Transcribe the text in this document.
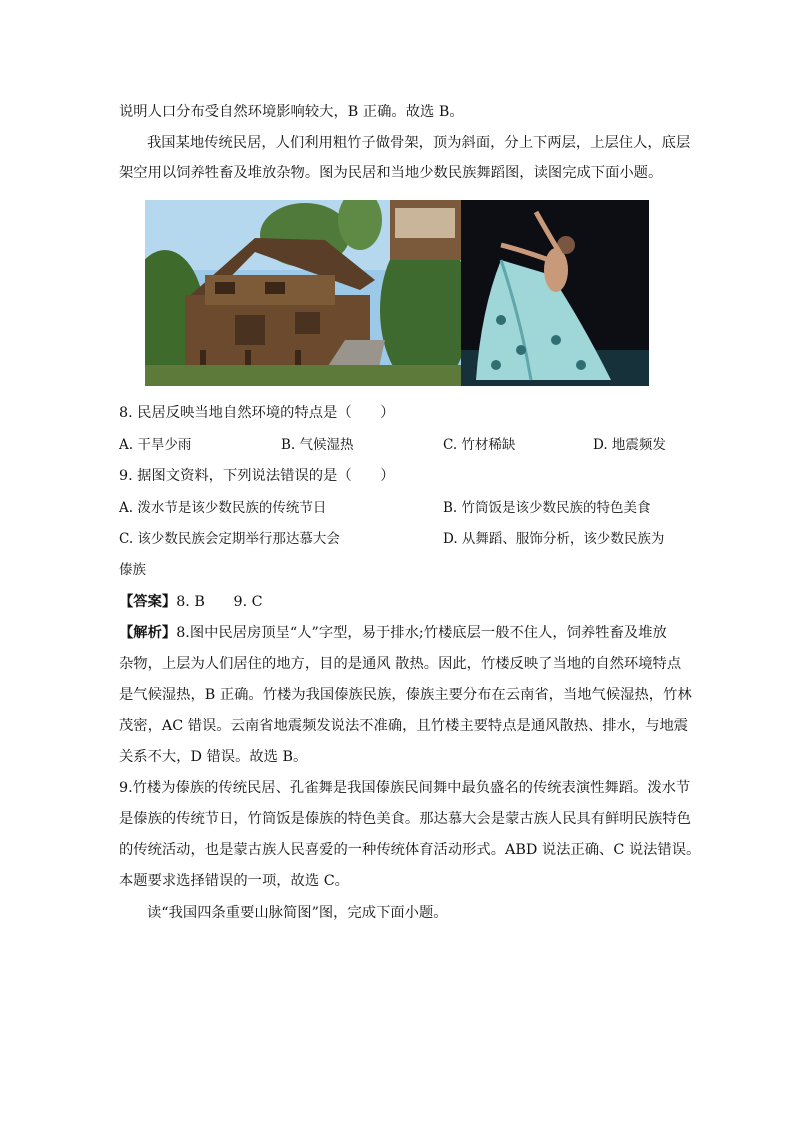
说明人口分布受自然环境影响较大，B 正确。故选 B。
我国某地传统民居，人们利用粗竹子做骨架，顶为斜面，分上下两层，上层住人，底层
架空用以饲养牲畜及堆放杂物。图为民居和当地少数民族舞蹈图，读图完成下面小题。
8. 民居反映当地自然环境的特点是（　　）
A. 干旱少雨	B. 气候湿热	C. 竹材稀缺	D. 地震频发
9. 据图文资料，下列说法错误的是（　　）
A. 泼水节是该少数民族的传统节日	B. 竹筒饭是该少数民族的特色美食
C. 该少数民族会定期举行那达慕大会	D. 从舞蹈、服饰分析，该少数民族为
傣族
【答案】8. B　　9. C
【解析】8.图中民居房顶呈“人”字型，易于排水;竹楼底层一般不住人，饲养牲畜及堆放
杂物，上层为人们居住的地方，目的是通风 散热。因此，竹楼反映了当地的自然环境特点
是气候湿热，B 正确。竹楼为我国傣族民族，傣族主要分布在云南省，当地气候湿热，竹林
茂密，AC 错误。云南省地震频发说法不准确，且竹楼主要特点是通风散热、排水，与地震
关系不大，D 错误。故选 B。
9.竹楼为傣族的传统民居、孔雀舞是我国傣族民间舞中最负盛名的传统表演性舞蹈。泼水节
是傣族的传统节日，竹筒饭是傣族的特色美食。那达慕大会是蒙古族人民具有鲜明民族特色
的传统活动，也是蒙古族人民喜爱的一种传统体育活动形式。ABD 说法正确、C 说法错误。
本题要求选择错误的一项，故选 C。
读“我国四条重要山脉简图”图，完成下面小题。
